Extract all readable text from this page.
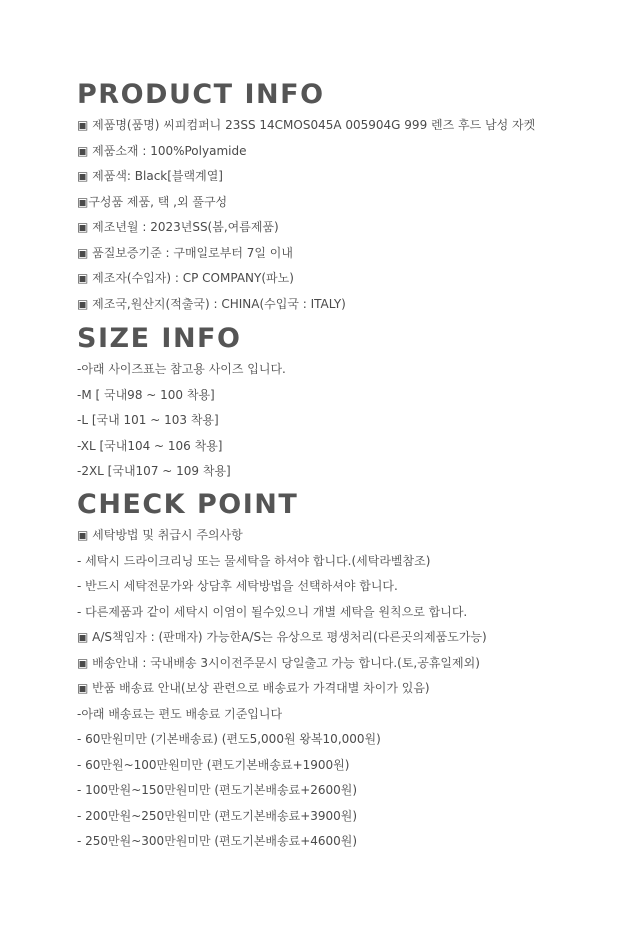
PRODUCT INFO

▣ 제품명(품명) 씨피컴퍼니 23SS 14CMOS045A 005904G 999 렌즈 후드 남성 자켓

▣ 제품소재 : 100%Polyamide

▣ 제품색: Black[블랙계열]

▣구성품 제품, 택 ,외 풀구성

▣ 제조년월 : 2023년SS(봄,여름제품)

▣ 품질보증기준 : 구매일로부터 7일 이내

▣ 제조자(수입자) : CP COMPANY(파노)

▣ 제조국,원산지(적출국) : CHINA(수입국 : ITALY)

SIZE INFO

-아래 사이즈표는 참고용 사이즈 입니다.

-M [ 국내98 ~ 100 착용]

-L [국내 101 ~ 103 착용]

-XL [국내104 ~ 106 착용]

-2XL [국내107 ~ 109 착용]

CHECK POINT

▣ 세탁방법 및 취급시 주의사항

- 세탁시 드라이크리닝 또는 물세탁을 하셔야 합니다.(세탁라벨참조)

- 반드시 세탁전문가와 상담후 세탁방법을 선택하셔야 합니다.

- 다른제품과 같이 세탁시 이염이 될수있으니 개별 세탁을 원칙으로 합니다.

▣ A/S책임자 : (판매자) 가능한A/S는 유상으로 평생처리(다른곳의제품도가능)

▣ 배송안내 : 국내배송 3시이전주문시 당일출고 가능 합니다.(토,공휴일제외)

▣ 반품 배송료 안내(보상 관련으로 배송료가 가격대별 차이가 있음)

-아래 배송료는 편도 배송료 기준입니다

- 60만원미만 (기본배송료) (편도5,000원 왕복10,000원)

- 60만원~100만원미만 (편도기본배송료+1900원)

- 100만원~150만원미만 (편도기본배송료+2600원)

- 200만원~250만원미만 (편도기본배송료+3900원)

- 250만원~300만원미만 (편도기본배송료+4600원)
